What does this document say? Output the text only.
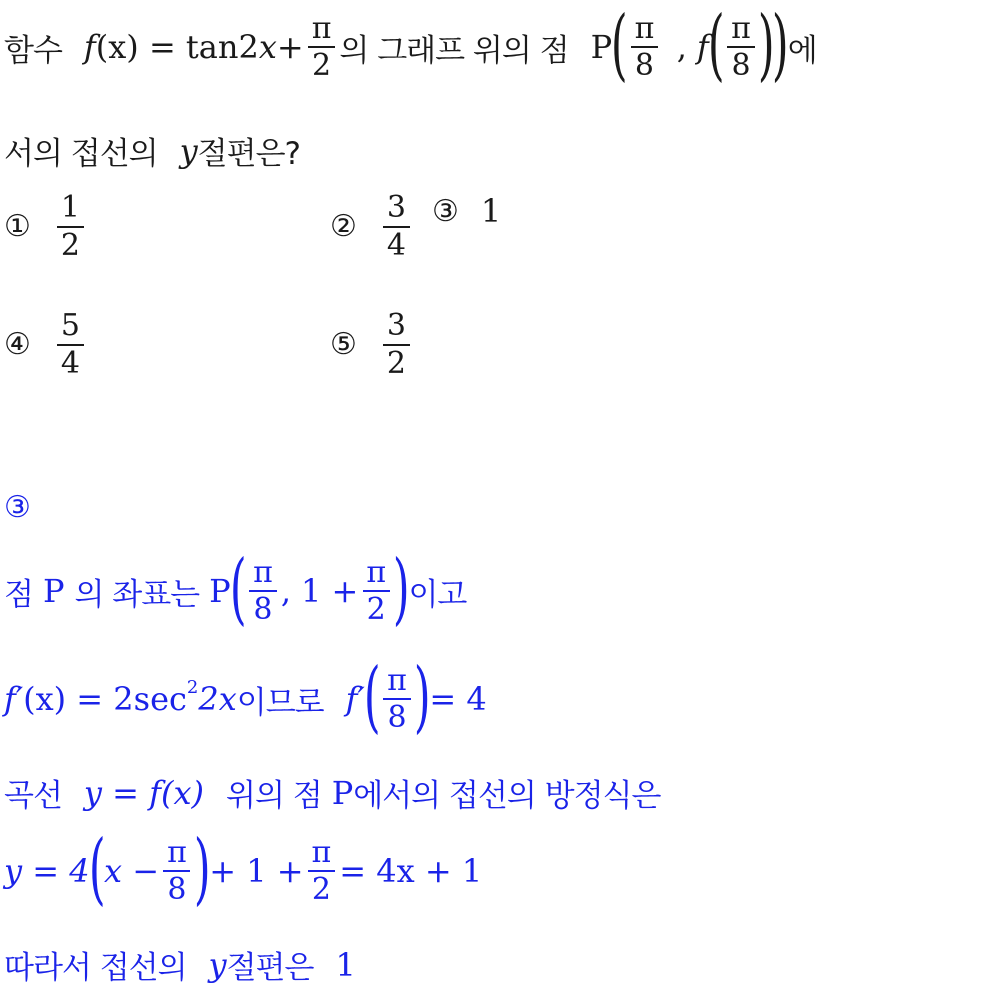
함수 f (x) = tan2 $x + \frac{\pi}{2}$ 의 그래프 위의 점 P
( $\frac{\pi}{8}$ , f
( $\frac{\pi}{8}$ )
)
에
서의 접선의 y 절편은?
① $\frac{1}{2}$	② $\frac{3}{4}$ ③ 1
④ $\frac{5}{4}$	⑤ $\frac{3}{2}$
③
점 P 의 좌표는 P
( $\frac{\pi}{8}$ , $1 + \frac{\pi}{2}$ )
이고
f′ (x) = 2sec 2 2x 이므로 f′
( $\frac{\pi}{8}$ )
= 4
곡선 y = f(x) 위의 점 P 에서의 접선의 방정식은
y = 4
(
$x - \frac{\pi}{8}$ )
+ $1 + \frac{\pi}{2} = 4x + 1$
따라서 접선의 y 절편은 1
